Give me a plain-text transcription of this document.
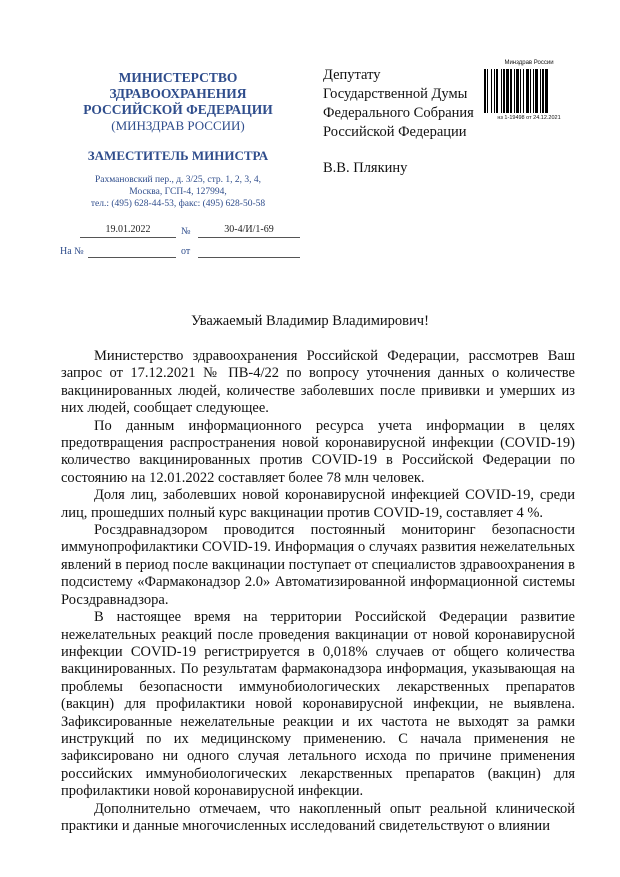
МИНИСТЕРСТВО
ЗДРАВООХРАНЕНИЯ
РОССИЙСКОЙ ФЕДЕРАЦИИ
(МИНЗДРАВ РОССИИ)
ЗАМЕСТИТЕЛЬ МИНИСТРА
Рахмановский пер., д. 3/25, стр. 1, 2, 3, 4,
Москва, ГСП-4, 127994,
тел.: (495) 628-44-53, факс: (495) 628-50-58
19.01.2022	№	30-4/И/1-69
На №	от
Депутату
Государственной Думы
Федерального Собрания
Российской Федерации
В.В. Плякину
Минздрав России
нз 1-19498 от 24.12.2021
Уважаемый Владимир Владимирович!

Министерство здравоохранения Российской Федерации, рассмотрев Ваш запрос от 17.12.2021 № ПВ-4/22 по вопросу уточнения данных о количестве вакцинированных людей, количестве заболевших после прививки и умерших из них людей, сообщает следующее.

По данным информационного ресурса учета информации в целях предотвращения распространения новой коронавирусной инфекции (COVID-19) количество вакцинированных против COVID-19 в Российской Федерации по состоянию на 12.01.2022 составляет более 78 млн человек.

Доля лиц, заболевших новой коронавирусной инфекцией COVID-19, среди лиц, прошедших полный курс вакцинации против COVID-19, составляет 4 %.

Росздравнадзором проводится постоянный мониторинг безопасности иммунопрофилактики COVID-19. Информация о случаях развития нежелательных явлений в период после вакцинации поступает от специалистов здравоохранения в подсистему «Фармаконадзор 2.0» Автоматизированной информационной системы Росздравнадзора.

В настоящее время на территории Российской Федерации развитие нежелательных реакций после проведения вакцинации от новой коронавирусной инфекции COVID-19 регистрируется в 0,018% случаев от общего количества вакцинированных. По результатам фармаконадзора информация, указывающая на проблемы безопасности иммунобиологических лекарственных препаратов (вакцин) для профилактики новой коронавирусной инфекции, не выявлена. Зафиксированные нежелательные реакции и их частота не выходят за рамки инструкций по их медицинскому применению. С начала применения не зафиксировано ни одного случая летального исхода по причине применения российских иммунобиологических лекарственных препаратов (вакцин) для профилактики новой коронавирусной инфекции.

Дополнительно отмечаем, что накопленный опыт реальной клинической практики и данные многочисленных исследований свидетельствуют о влиянии
